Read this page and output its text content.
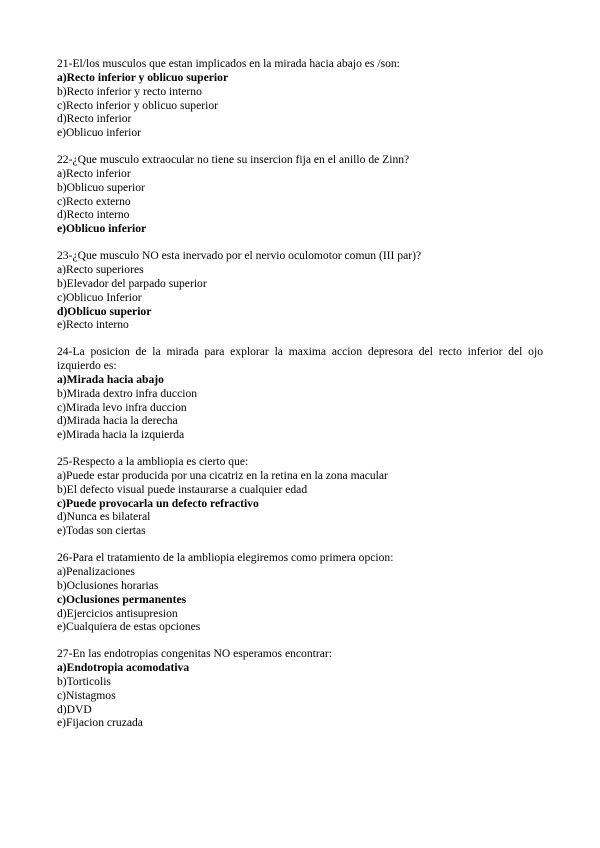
21-El/los musculos que estan implicados en la mirada hacia abajo es /son:
a)Recto inferior y oblicuo superior
b)Recto inferior y recto interno
c)Recto inferior y oblicuo superior
d)Recto inferior
e)Oblicuo inferior
22-¿Que musculo extraocular no tiene su insercion fija en el anillo de Zinn?
a)Recto inferior
b)Oblicuo superior
c)Recto externo
d)Recto interno
e)Oblicuo inferior
23-¿Que musculo NO esta inervado por el nervio oculomotor comun (III par)?
a)Recto superiores
b)Elevador del parpado superior
c)Oblicuo Inferior
d)Oblicuo superior
e)Recto interno
24-La posicion de la mirada para explorar la maxima accion depresora del recto inferior del ojo izquierdo es:
a)Mirada hacia abajo
b)Mirada dextro infra duccion
c)Mirada levo infra duccion
d)Mirada hacia la derecha
e)Mirada hacia la izquierda
25-Respecto a la ambliopia es cierto que:
a)Puede estar producida por una cicatriz en la retina en la zona macular
b)El defecto visual puede instaurarse a cualquier edad
c)Puede provocarla un defecto refractivo
d)Nunca es bilateral
e)Todas son ciertas
26-Para el tratamiento de la ambliopia elegiremos como primera opcion:
a)Penalizaciones
b)Oclusiones horarias
c)Oclusiones permanentes
d)Ejercicios antisupresion
e)Cualquiera de estas opciones
27-En las endotropias congenitas NO esperamos encontrar:
a)Endotropia acomodativa
b)Torticolis
c)Nistagmos
d)DVD
e)Fijacion cruzada
